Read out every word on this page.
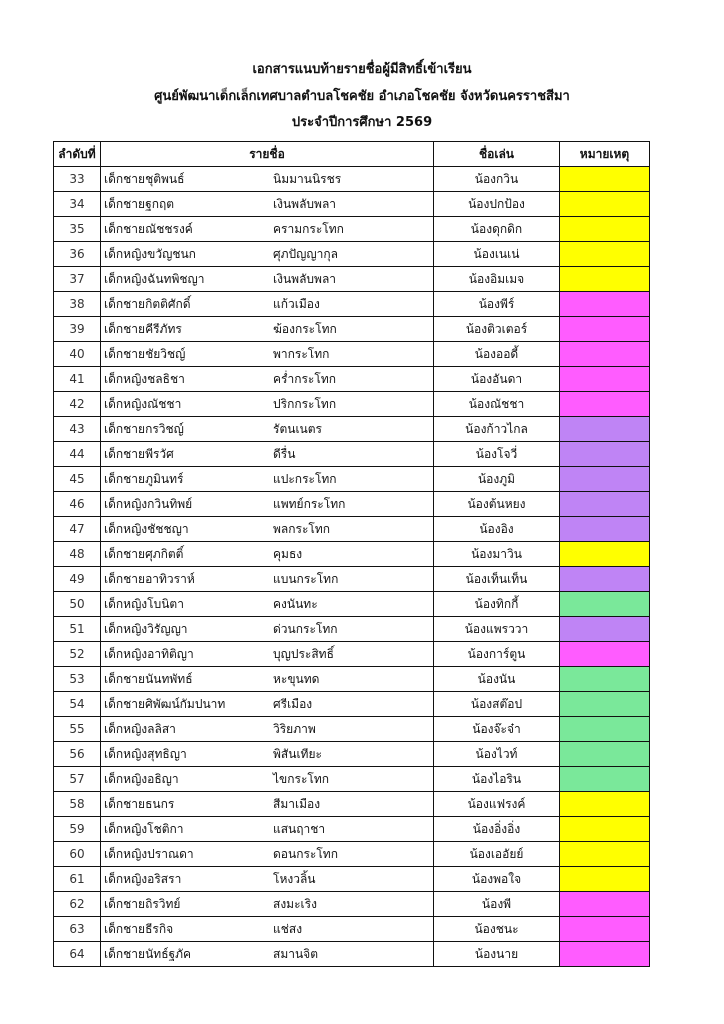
เอกสารแนบท้ายรายชื่อผู้มีสิทธิ์เข้าเรียน
ศูนย์พัฒนาเด็กเล็กเทศบาลตำบลโชคชัย อำเภอโชคชัย จังหวัดนครราชสีมา
ประจำปีการศึกษา 2569
ลำดับที่	รายชื่อ	ชื่อเล่น	หมายเหตุ
33	เด็กชายชุติพนธ์ นิมมานนิรชร	น้องกวิน	
34	เด็กชายฐกฤต เงินพลับพลา	น้องปกป้อง	
35	เด็กชายณัชชรงค์ ครามกระโทก	น้องดุกดิก	
36	เด็กหญิงขวัญชนก ศุภปัญญากุล	น้องเนเน่	
37	เด็กหญิงฉันทพิชญา เงินพลับพลา	น้องอิมเมจ	
38	เด็กชายกิตติศักดิ์ แก้วเมือง	น้องพีร์	
39	เด็กชายคีรีภัทร ฆ้องกระโทก	น้องติวเตอร์	
40	เด็กชายชัยวิชญ์ พากระโทก	น้องออดี้	
41	เด็กหญิงชลธิชา คร่ำกระโทก	น้องอันดา	
42	เด็กหญิงณัชชา ปริกกระโทก	น้องณัชชา	
43	เด็กชายกรวิชญ์ รัตนเนตร	น้องก้าวไกล	
44	เด็กชายพีรวัศ ดีรื่น	น้องโจวี่	
45	เด็กชายภูมินทร์ แปะกระโทก	น้องภูมิ	
46	เด็กหญิงกวินทิพย์ แพทย์กระโทก	น้องต้นหยง	
47	เด็กหญิงชัชชญา พลกระโทก	น้องอิง	
48	เด็กชายศุภกิตติ์ คุมธง	น้องมาวิน	
49	เด็กชายอาทิวราห์ แบนกระโทก	น้องเท็นเท็น	
50	เด็กหญิงโบนิตา คงนันทะ	น้องทิกกี้	
51	เด็กหญิงวิรัญญา ด่วนกระโทก	น้องแพรววา	
52	เด็กหญิงอาทิติญา บุญประสิทธิ์	น้องการ์ตูน	
53	เด็กชายนันทพัทธ์ หะขุนทด	น้องนัน	
54	เด็กชายศิพัฒน์กัมปนาท ศรีเมือง	น้องสต๊อป	
55	เด็กหญิงลลิสา วิริยภาพ	น้องจ๊ะจ๋า	
56	เด็กหญิงสุทธิญา พิสันเทียะ	น้องไวท์	
57	เด็กหญิงอธิญา ไขกระโทก	น้องไอริน	
58	เด็กชายธนกร สีมาเมือง	น้องแฟรงค์	
59	เด็กหญิงโชติกา แสนฤาชา	น้องอิ่งอิ่ง	
60	เด็กหญิงปราณดา ดอนกระโทก	น้องเออัยย์	
61	เด็กหญิงอริสรา โหงวลิ้น	น้องพอใจ	
62	เด็กชายถิรวิทย์ สงมะเริง	น้องพี	
63	เด็กชายธีรกิจ แช่สง	น้องชนะ	
64	เด็กชายนัทธ์ฐภัค สมานจิต	น้องนาย	
